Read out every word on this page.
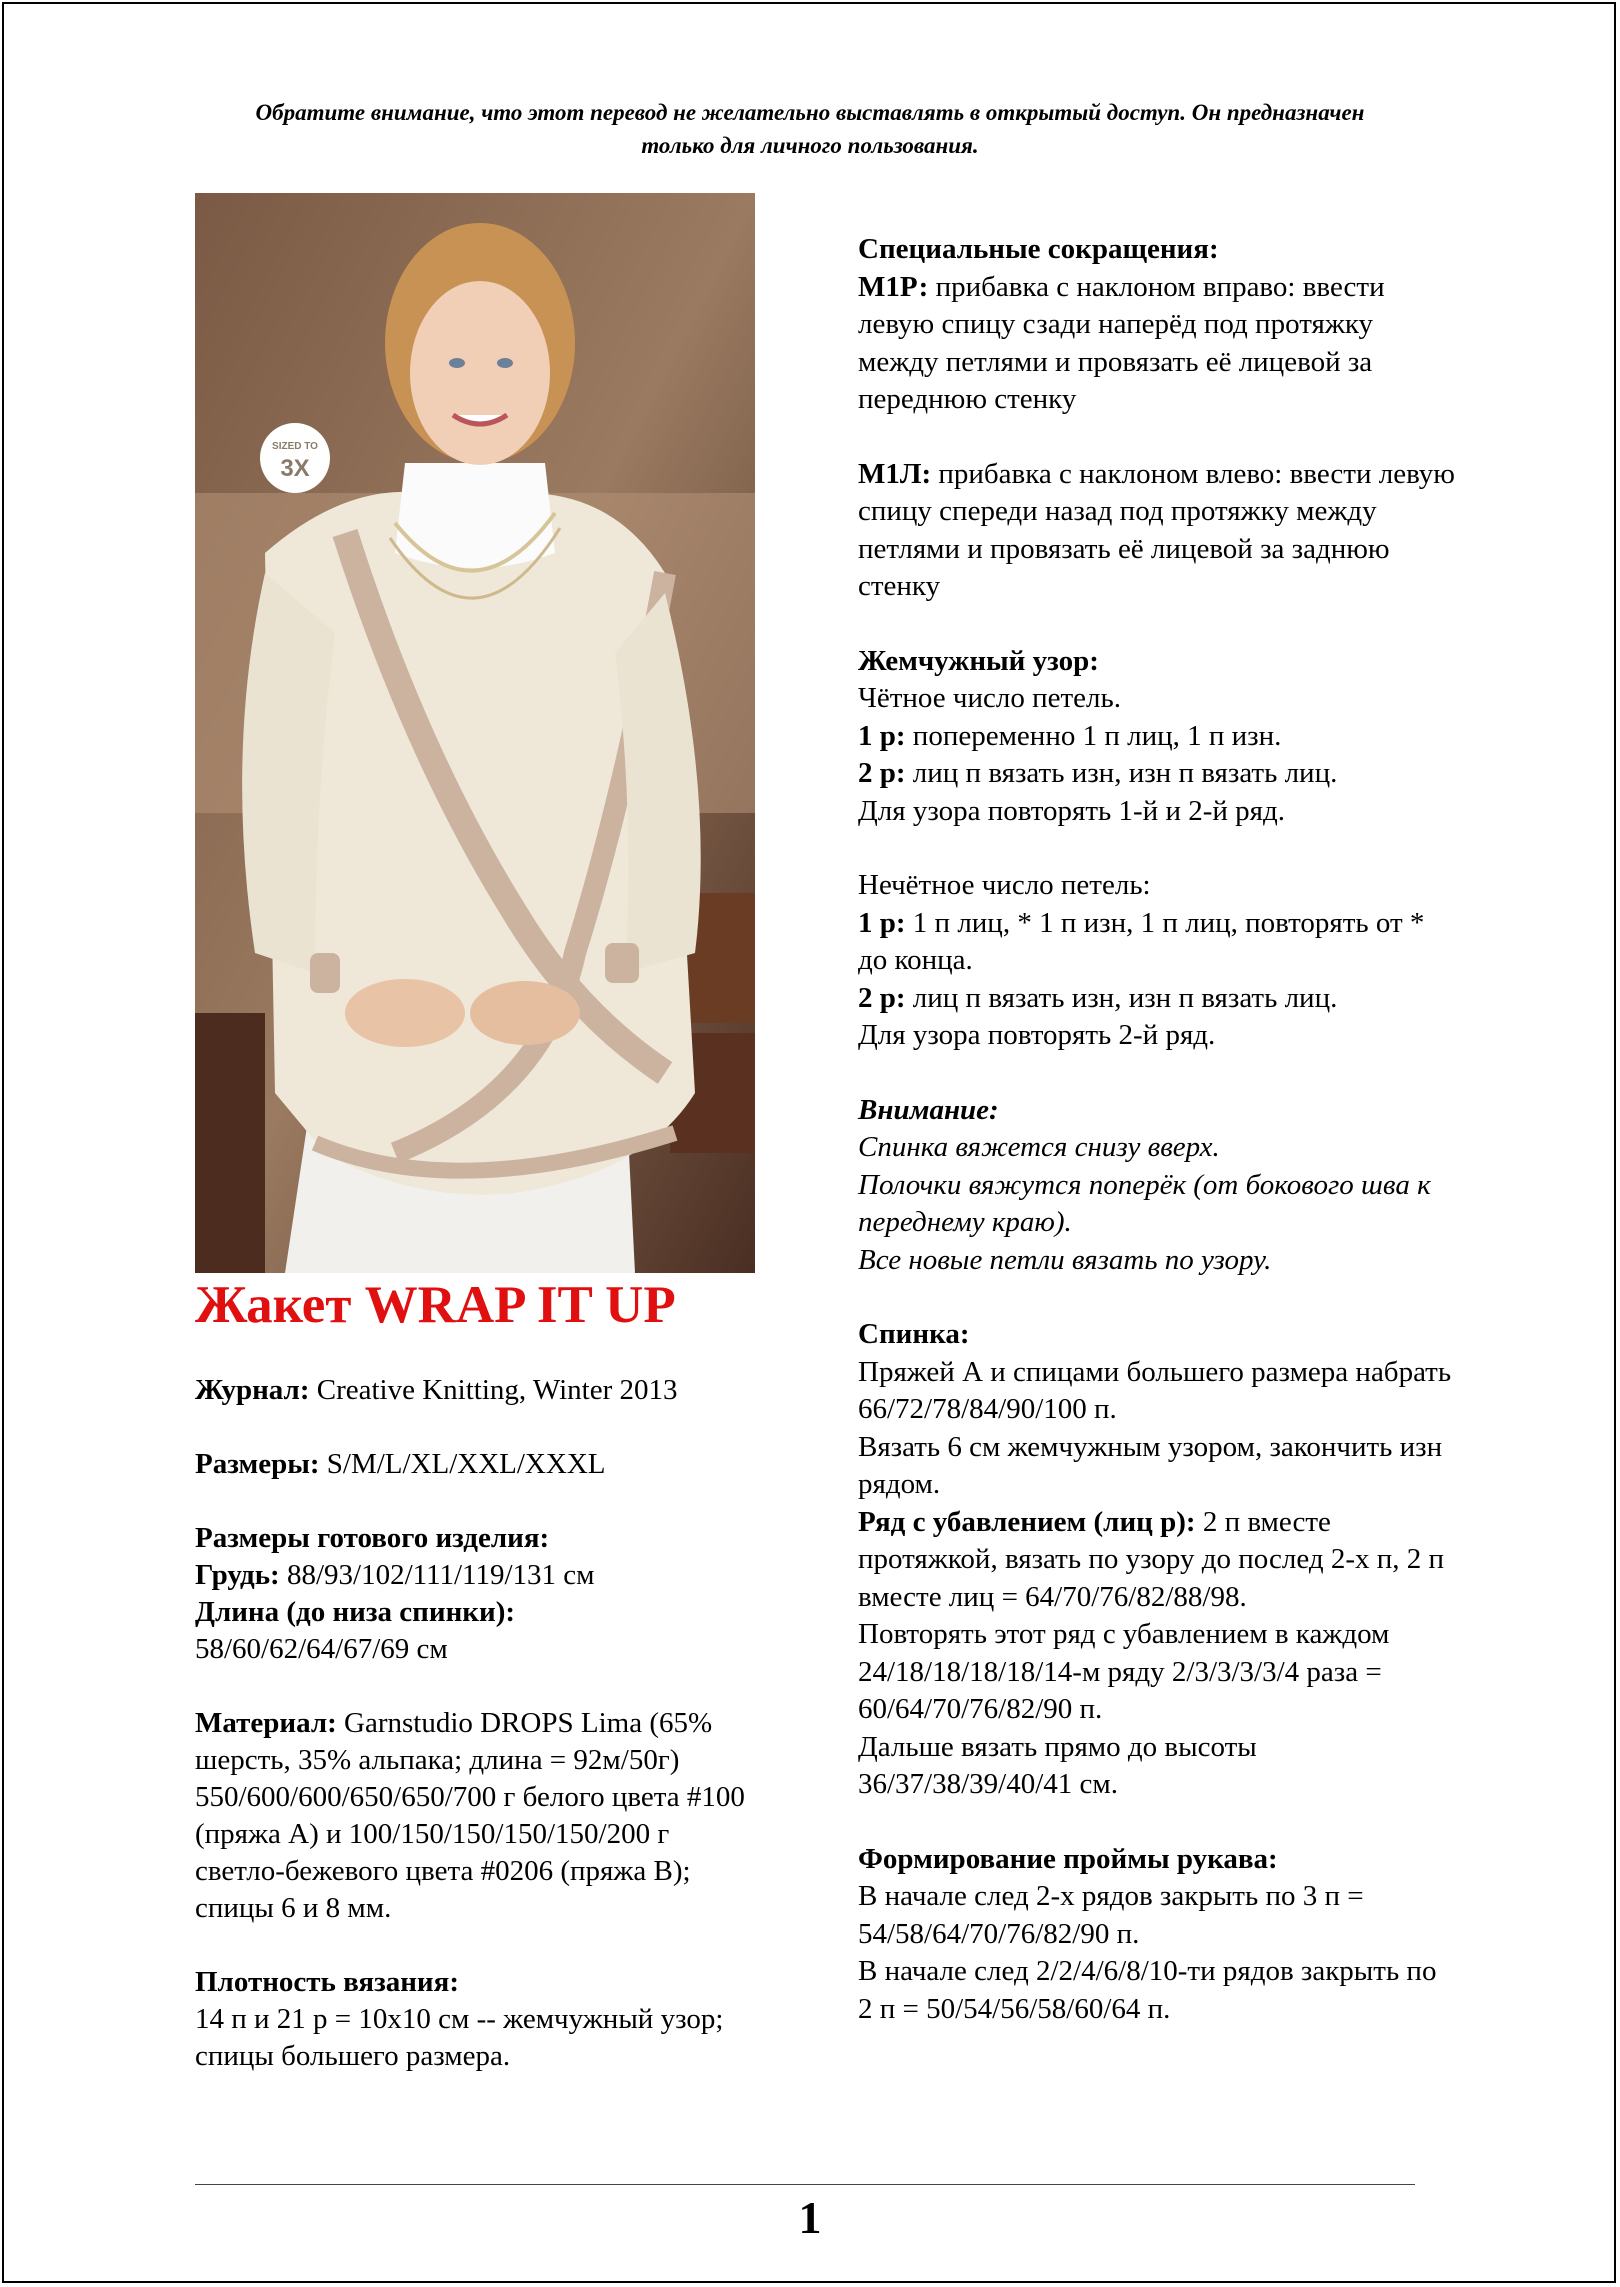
Обратите внимание, что этот перевод не желательно выставлять в открытый доступ. Он предназначен только для личного пользования.
SIZED TO
3X
Жакет WRAP IT UP

Журнал: Creative Knitting, Winter 2013

Размеры: S/M/L/XL/XXL/XXXL

Размеры готового изделия:

Грудь: 88/93/102/111/119/131 см

Длина (до низа спинки):

58/60/62/64/67/69 см

Материал: Garnstudio DROPS Lima (65% шерсть, 35% альпака; длина = 92м/50г) 550/600/600/650/650/700 г белого цвета #100 (пряжа А) и 100/150/150/150/150/200 г светло-бежевого цвета #0206 (пряжа B); спицы 6 и 8 мм.

Плотность вязания:

14 п и 21 р = 10х10 см -- жемчужный узор; спицы большего размера.

Специальные сокращения:

М1Р: прибавка с наклоном вправо: ввести левую спицу сзади наперёд под протяжку между петлями и провязать её лицевой за переднюю стенку

М1Л: прибавка с наклоном влево: ввести левую спицу спереди назад под протяжку между петлями и провязать её лицевой за заднюю стенку

Жемчужный узор:

Чётное число петель.

1 р: попеременно 1 п лиц, 1 п изн.

2 р: лиц п вязать изн, изн п вязать лиц.

Для узора повторять 1-й и 2-й ряд.

Нечётное число петель:

1 р: 1 п лиц, * 1 п изн, 1 п лиц, повторять от * до конца.

2 р: лиц п вязать изн, изн п вязать лиц.

Для узора повторять 2-й ряд.

Внимание:

Спинка вяжется снизу вверх.

Полочки вяжутся поперёк (от бокового шва к переднему краю).

Все новые петли вязать по узору.

Спинка:

Пряжей А и спицами большего размера набрать 66/72/78/84/90/100 п.

Вязать 6 см жемчужным узором, закончить изн рядом.

Ряд с убавлением (лиц р): 2 п вместе протяжкой, вязать по узору до послед 2-х п, 2 п вместе лиц = 64/70/76/82/88/98.

Повторять этот ряд с убавлением в каждом 24/18/18/18/18/14-м ряду 2/3/3/3/3/4 раза = 60/64/70/76/82/90 п.

Дальше вязать прямо до высоты 36/37/38/39/40/41 см.

Формирование проймы рукава:

В начале след 2-х рядов закрыть по 3 п = 54/58/64/70/76/82/90 п.

В начале след 2/2/4/6/8/10-ти рядов закрыть по 2 п = 50/54/56/58/60/64 п.

1
